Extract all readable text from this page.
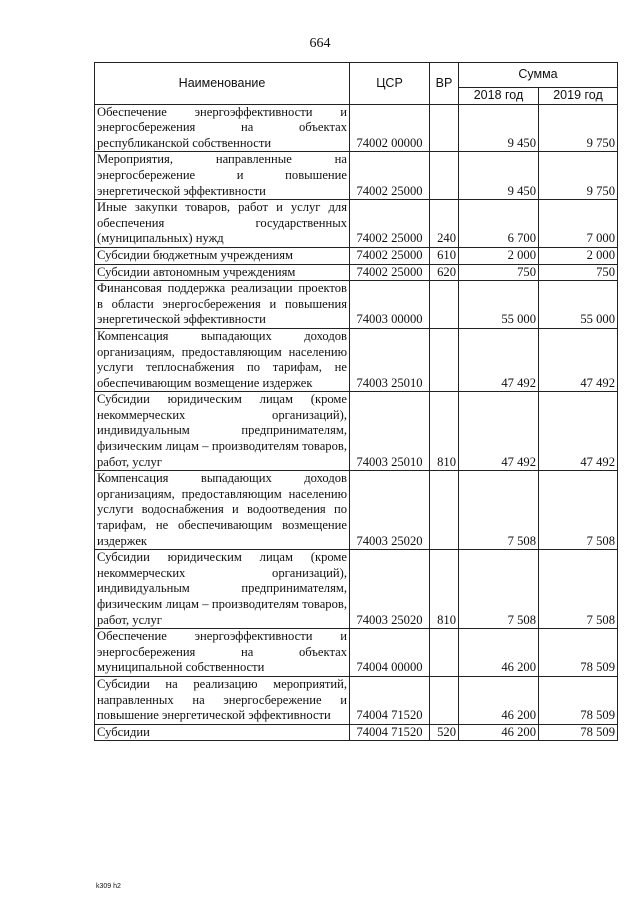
664
Наименование	ЦСР	ВР	Сумма	
			2018 год	2019 год
Обеспечение энергоэффективности и энергосбережения на объектах республиканской собственности	74002 00000		9 450	9 750
Мероприятия, направленные на энергосбережение и повышение энергетической эффективности	74002 25000		9 450	9 750
Иные закупки товаров, работ и услуг для обеспечения государственных (муниципальных) нужд	74002 25000	240	6 700	7 000
Субсидии бюджетным учреждениям	74002 25000	610	2 000	2 000
Субсидии автономным учреждениям	74002 25000	620	750	750
Финансовая поддержка реализации проектов в области энергосбережения и повышения энергетической эффективности	74003 00000		55 000	55 000
Компенсация выпадающих доходов организациям, предоставляющим населению услуги теплоснабжения по тарифам, не обеспечивающим возмещение издержек	74003 25010		47 492	47 492
Субсидии юридическим лицам (кроме некоммерческих организаций), индивидуальным предпринимателям, физическим лицам – производителям товаров, работ, услуг	74003 25010	810	47 492	47 492
Компенсация выпадающих доходов организациям, предоставляющим населению услуги водоснабжения и водоотведения по тарифам, не обеспечивающим возмещение издержек	74003 25020		7 508	7 508
Субсидии юридическим лицам (кроме некоммерческих организаций), индивидуальным предпринимателям, физическим лицам – производителям товаров, работ, услуг	74003 25020	810	7 508	7 508
Обеспечение энергоэффективности и энергосбережения на объектах муниципальной собственности	74004 00000		46 200	78 509
Субсидии на реализацию мероприятий, направленных на энергосбережение и повышение энергетической эффективности	74004 71520		46 200	78 509
Субсидии	74004 71520	520	46 200	78 509
k309 h2
